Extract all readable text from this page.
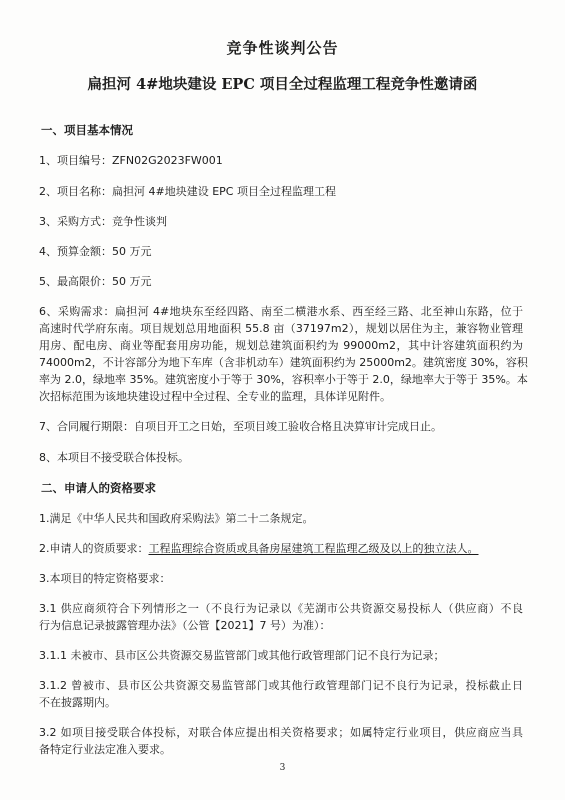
竞争性谈判公告
扁担河 4#地块建设 EPC 项目全过程监理工程竞争性邀请函
一、项目基本情况
1、项目编号：ZFN02G2023FW001
2、项目名称：扁担河 4#地块建设 EPC 项目全过程监理工程
3、采购方式：竞争性谈判
4、预算金额：50 万元
5、最高限价：50 万元
6、采购需求：扁担河 4#地块东至经四路、南至二横港水系、西至经三路、北至神山东路，位于
高速时代学府东南。项目规划总用地面积 55.8 亩（37197m2），规划以居住为主，兼容物业管理
用房、配电房、商业等配套用房功能，规划总建筑面积约为 99000m2，其中计容建筑面积约为
74000m2，不计容部分为地下车库（含非机动车）建筑面积约为 25000m2。建筑密度 30%，容积
率为 2.0，绿地率 35%。建筑密度小于等于 30%，容积率小于等于 2.0，绿地率大于等于 35%。本
次招标范围为该地块建设过程中全过程、全专业的监理，具体详见附件。
7、合同履行期限：自项目开工之日始，至项目竣工验收合格且决算审计完成日止。
8、本项目不接受联合体投标。
二、申请人的资格要求
1.满足《中华人民共和国政府采购法》第二十二条规定。
2.申请人的资质要求：工程监理综合资质或具备房屋建筑工程监理乙级及以上的独立法人。
3.本项目的特定资格要求：
3.1 供应商须符合下列情形之一（不良行为记录以《芜湖市公共资源交易投标人（供应商）不良
行为信息记录披露管理办法》（公管【2021】7 号）为准）：
3.1.1 未被市、县市区公共资源交易监管部门或其他行政管理部门记不良行为记录；
3.1.2 曾被市、县市区公共资源交易监管部门或其他行政管理部门记不良行为记录，投标截止日
不在披露期内。
3.2 如项目接受联合体投标，对联合体应提出相关资格要求；如属特定行业项目，供应商应当具
备特定行业法定准入要求。
3
